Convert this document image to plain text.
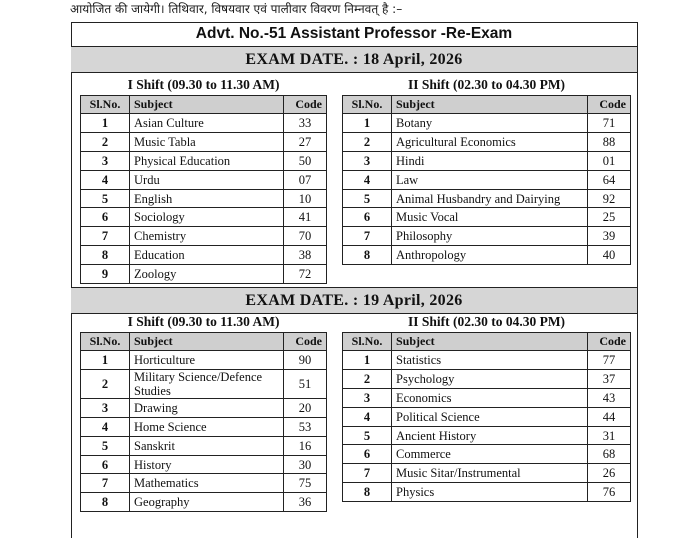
आयोजित की जायेगी। तिथिवार, विषयवार एवं पालीवार विवरण निम्नवत् है :–
Advt. No.-51 Assistant Professor -Re-Exam
EXAM DATE. : 18 April, 2026
I Shift (09.30 to 11.30 AM)
Sl.No.	Subject	Code
1	Asian Culture	33
2	Music Tabla	27
3	Physical Education	50
4	Urdu	07
5	English	10
6	Sociology	41
7	Chemistry	70
8	Education	38
9	Zoology	72
II Shift (02.30 to 04.30 PM)
Sl.No.	Subject	Code
1	Botany	71
2	Agricultural Economics	88
3	Hindi	01
4	Law	64
5	Animal Husbandry and Dairying	92
6	Music Vocal	25
7	Philosophy	39
8	Anthropology	40
EXAM DATE. : 19 April, 2026
I Shift (09.30 to 11.30 AM)
Sl.No.	Subject	Code
1	Horticulture	90
2	Military Science/Defence Studies	51
3	Drawing	20
4	Home Science	53
5	Sanskrit	16
6	History	30
7	Mathematics	75
8	Geography	36
II Shift (02.30 to 04.30 PM)
Sl.No.	Subject	Code
1	Statistics	77
2	Psychology	37
3	Economics	43
4	Political Science	44
5	Ancient History	31
6	Commerce	68
7	Music Sitar/Instrumental	26
8	Physics	76
